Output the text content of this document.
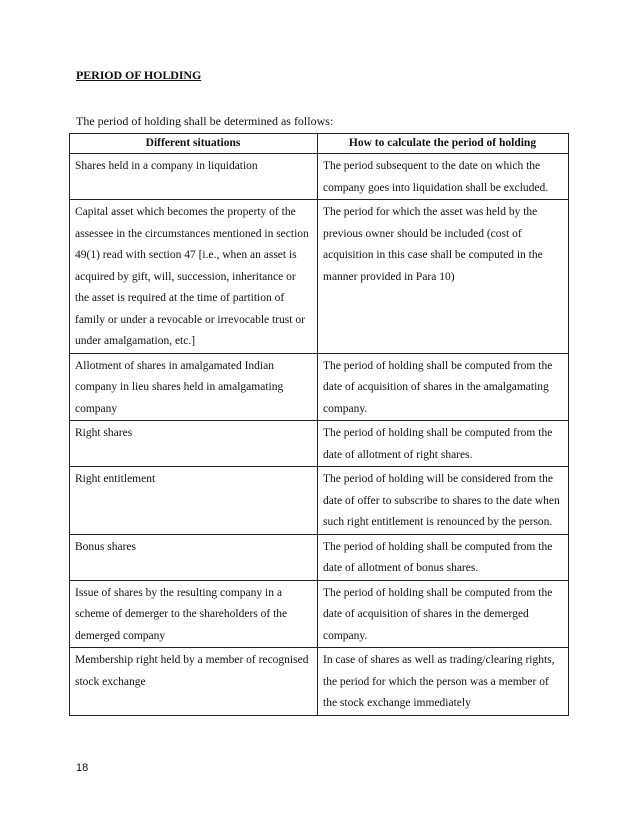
PERIOD OF HOLDING
The period of holding shall be determined as follows:
Different situations	How to calculate the period of holding
Shares held in a company in liquidation	The period subsequent to the date on which the company goes into liquidation shall be excluded.
Capital asset which becomes the property of the assessee in the circumstances mentioned in section 49(1) read with section 47 [i.e., when an asset is acquired by gift, will, succession, inheritance or the asset is required at the time of partition of family or under a revocable or irrevocable trust or under amalgamation, etc.]	The period for which the asset was held by the previous owner should be included (cost of acquisition in this case shall be computed in the manner provided in Para 10)
Allotment of shares in amalgamated Indian company in lieu shares held in amalgamating company	The period of holding shall be computed from the date of acquisition of shares in the amalgamating company.
Right shares	The period of holding shall be computed from the date of allotment of right shares.
Right entitlement	The period of holding will be considered from the date of offer to subscribe to shares to the date when such right entitlement is renounced by the person.
Bonus shares	The period of holding shall be computed from the date of allotment of bonus shares.
Issue of shares by the resulting company in a scheme of demerger to the shareholders of the demerged company	The period of holding shall be computed from the date of acquisition of shares in the demerged company.
Membership right held by a member of recognised stock exchange	In case of shares as well as trading/clearing rights, the period for which the person was a member of the stock exchange immediately
18
